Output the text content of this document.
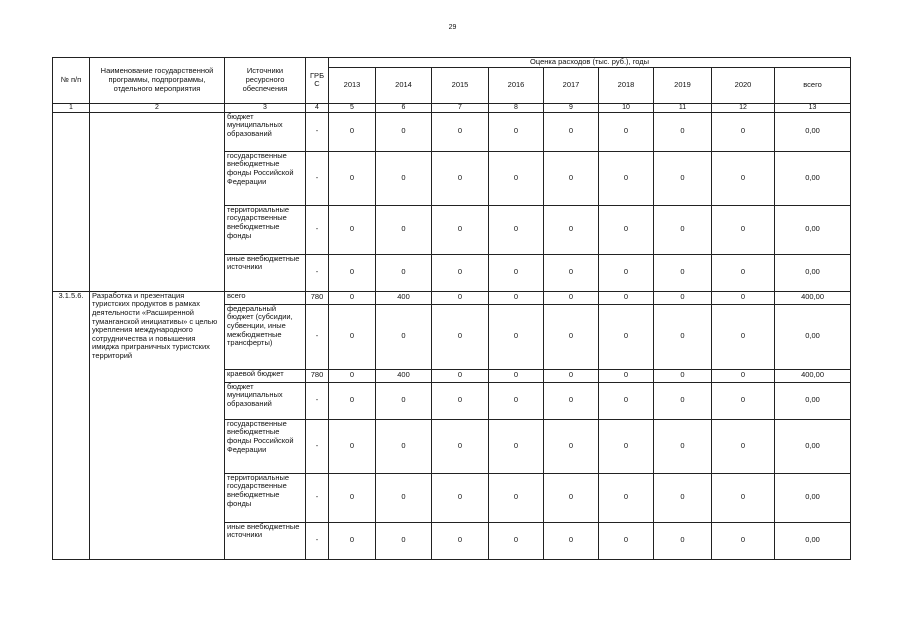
29
№ п/п	Наименование государственной программы, подпрограммы, отдельного мероприятия	Источники ресурсного обеспечения	ГРБ С	Оценка расходов (тыс. руб.), годы								
				2013	2014	2015	2016	2017	2018	2019	2020	всего
1	2	3	4	5	6	7	8	9	10	11	12	13
		бюджет муниципальных образований	-	0	0	0	0	0	0	0	0	0,00
		государственные внебюджетные фонды Российской Федерации	-	0	0	0	0	0	0	0	0	0,00
		территориальные государственные внебюджетные фонды	-	0	0	0	0	0	0	0	0	0,00
		иные внебюджетные источники	-	0	0	0	0	0	0	0	0	0,00
3.1.5.6.	Разработка и презентация туристских продуктов в рамках деятельности «Расширенной туманганской инициативы» с целью укрепления международного сотрудничества и повышения имиджа приграничных туристских территорий	всего	780	0	400	0	0	0	0	0	0	400,00
		федеральный бюджет (субсидии, субвенции, иные межбюджетные трансферты)	-	0	0	0	0	0	0	0	0	0,00
		краевой бюджет	780	0	400	0	0	0	0	0	0	400,00
		бюджет муниципальных образований	-	0	0	0	0	0	0	0	0	0,00
		государственные внебюджетные фонды Российской Федерации	-	0	0	0	0	0	0	0	0	0,00
		территориальные государственные внебюджетные фонды	-	0	0	0	0	0	0	0	0	0,00
		иные внебюджетные источники	-	0	0	0	0	0	0	0	0	0,00
